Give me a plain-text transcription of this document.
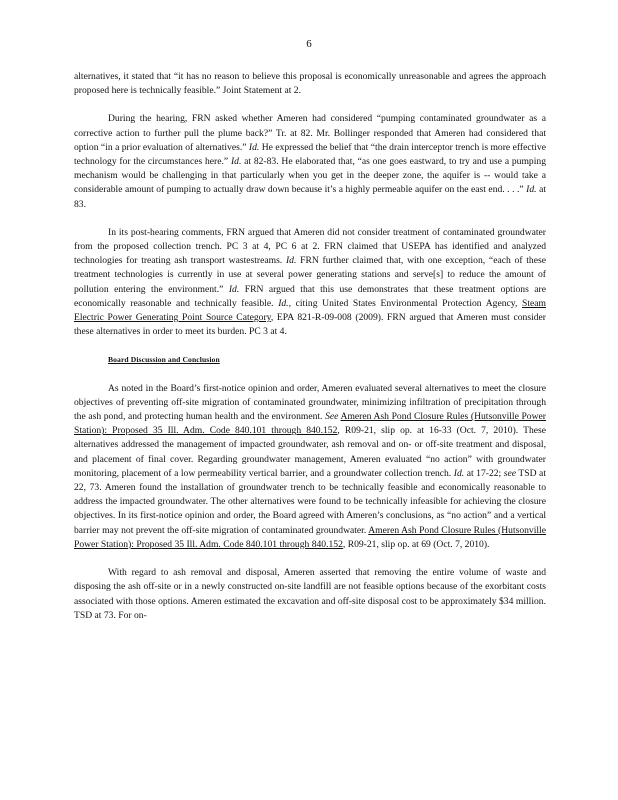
6

alternatives, it stated that “it has no reason to believe this proposal is economically unreasonable and agrees the approach proposed here is technically feasible.” Joint Statement at 2.

During the hearing, FRN asked whether Ameren had considered “pumping contaminated groundwater as a corrective action to further pull the plume back?” Tr. at 82. Mr. Bollinger responded that Ameren had considered that option “in a prior evaluation of alternatives.” Id. He expressed the belief that “the drain interceptor trench is more effective technology for the circumstances here.” Id. at 82-83. He elaborated that, “as one goes eastward, to try and use a pumping mechanism would be challenging in that particularly when you get in the deeper zone, the aquifer is -- would take a considerable amount of pumping to actually draw down because it’s a highly permeable aquifer on the east end. . . .” Id. at 83.

In its post-hearing comments, FRN argued that Ameren did not consider treatment of contaminated groundwater from the proposed collection trench. PC 3 at 4, PC 6 at 2. FRN claimed that USEPA has identified and analyzed technologies for treating ash transport wastestreams. Id. FRN further claimed that, with one exception, “each of these treatment technologies is currently in use at several power generating stations and serve[s] to reduce the amount of pollution entering the environment.” Id. FRN argued that this use demonstrates that these treatment options are economically reasonable and technically feasible. Id., citing United States Environmental Protection Agency, Steam Electric Power Generating Point Source Category, EPA 821-R-09-008 (2009). FRN argued that Ameren must consider these alternatives in order to meet its burden. PC 3 at 4.

Board Discussion and Conclusion

As noted in the Board’s first-notice opinion and order, Ameren evaluated several alternatives to meet the closure objectives of preventing off-site migration of contaminated groundwater, minimizing infiltration of precipitation through the ash pond, and protecting human health and the environment. See Ameren Ash Pond Closure Rules (Hutsonville Power Station): Proposed 35 Ill. Adm. Code 840.101 through 840.152, R09-21, slip op. at 16-33 (Oct. 7, 2010). These alternatives addressed the management of impacted groundwater, ash removal and on- or off-site treatment and disposal, and placement of final cover. Regarding groundwater management, Ameren evaluated “no action” with groundwater monitoring, placement of a low permeability vertical barrier, and a groundwater collection trench. Id. at 17-22; see TSD at 22, 73. Ameren found the installation of groundwater trench to be technically feasible and economically reasonable to address the impacted groundwater. The other alternatives were found to be technically infeasible for achieving the closure objectives. In its first-notice opinion and order, the Board agreed with Ameren’s conclusions, as “no action” and a vertical barrier may not prevent the off-site migration of contaminated groundwater. Ameren Ash Pond Closure Rules (Hutsonville Power Station): Proposed 35 Ill. Adm. Code 840.101 through 840.152, R09-21, slip op. at 69 (Oct. 7, 2010).

With regard to ash removal and disposal, Ameren asserted that removing the entire volume of waste and disposing the ash off-site or in a newly constructed on-site landfill are not feasible options because of the exorbitant costs associated with those options. Ameren estimated the excavation and off-site disposal cost to be approximately $34 million. TSD at 73. For on-
